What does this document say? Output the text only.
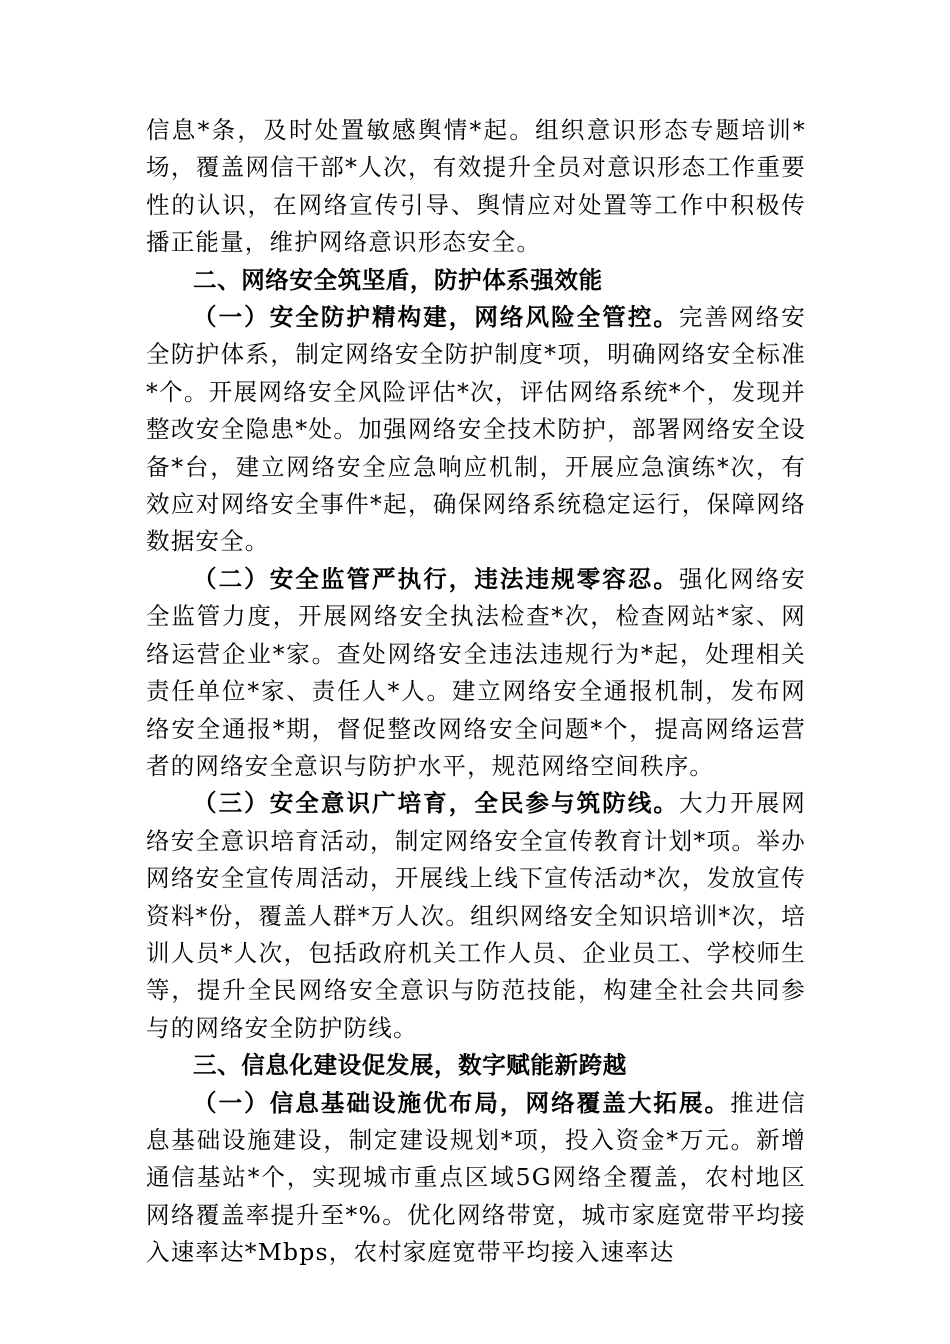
信息*条，及时处置敏感舆情*起。组织意识形态专题培训*场，覆盖网信干部*人次，有效提升全员对意识形态工作重要性的认识，在网络宣传引导、舆情应对处置等工作中积极传播正能量，维护网络意识形态安全。

二、网络安全筑坚盾，防护体系强效能

（一）安全防护精构建，网络风险全管控。完善网络安全防护体系，制定网络安全防护制度*项，明确网络安全标准*个。开展网络安全风险评估*次，评估网络系统*个，发现并整改安全隐患*处。加强网络安全技术防护，部署网络安全设备*台，建立网络安全应急响应机制，开展应急演练*次，有效应对网络安全事件*起，确保网络系统稳定运行，保障网络数据安全。

（二）安全监管严执行，违法违规零容忍。强化网络安全监管力度，开展网络安全执法检查*次，检查网站*家、网络运营企业*家。查处网络安全违法违规行为*起，处理相关责任单位*家、责任人*人。建立网络安全通报机制，发布网络安全通报*期，督促整改网络安全问题*个，提高网络运营者的网络安全意识与防护水平，规范网络空间秩序。

（三）安全意识广培育，全民参与筑防线。大力开展网络安全意识培育活动，制定网络安全宣传教育计划*项。举办网络安全宣传周活动，开展线上线下宣传活动*次，发放宣传资料*份，覆盖人群*万人次。组织网络安全知识培训*次，培训人员*人次，包括政府机关工作人员、企业员工、学校师生等，提升全民网络安全意识与防范技能，构建全社会共同参与的网络安全防护防线。

三、信息化建设促发展，数字赋能新跨越

（一）信息基础设施优布局，网络覆盖大拓展。推进信息基础设施建设，制定建设规划*项，投入资金*万元。新增通信基站*个，实现城市重点区域5G网络全覆盖，农村地区网络覆盖率提升至*%。优化网络带宽，城市家庭宽带平均接入速率达*Mbps，农村家庭宽带平均接入速率达
